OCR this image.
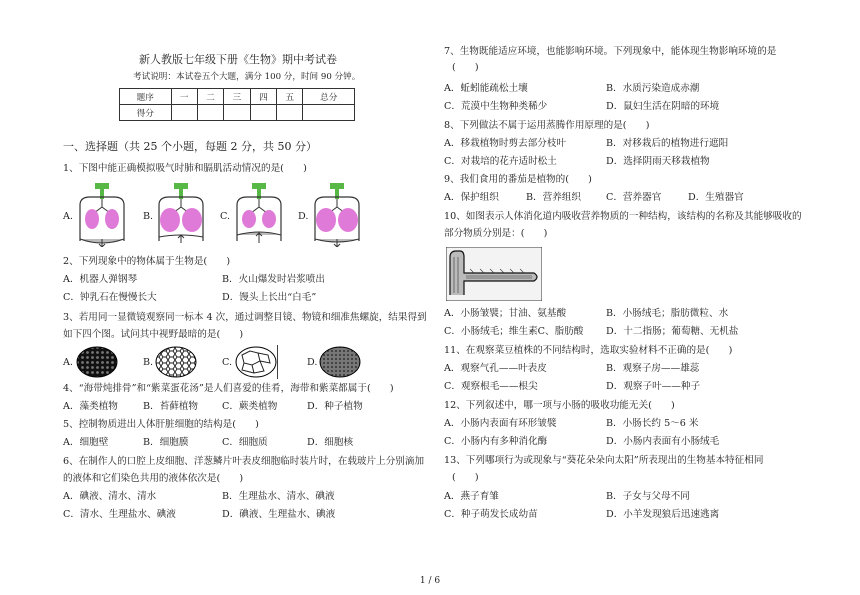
新人教版七年级下册《生物》期中考试卷
考试说明：本试卷五个大题，满分 100 分，时间 90 分钟。
题序	一	二	三	四	五	总分
得分						
一、选择题（共 25 个小题，每题 2 分，共 50 分）
1、下图中能正确模拟吸气时肺和膈肌活动情况的是(　　)
A.	B.	C.	D.
2、下列现象中的物体属于生物是(　　)
A．机器人弹钢琴	B．火山爆发时岩浆喷出
C．钟乳石在慢慢长大	D．馒头上长出“白毛”
3、若用同一显微镜观察同一标本 4 次，通过调整目镜、物镜和细准焦螺旋，结果得到
如下四个图。试问其中视野最暗的是(　　)
A.	B.	C.	D.
4、“海带炖排骨”和“紫菜蛋花汤”是人们喜爱的佳肴，海带和紫菜都属于(　　)
A．藻类植物	B．苔藓植物 C．蕨类植物	D．种子植物
5、控制物质进出人体肝脏细胞的结构是(　　)
A．细胞壁	B．细胞膜	C．细胞质	D．细胞核
6、在制作人的口腔上皮细胞、洋葱鳞片叶表皮细胞临时装片时，在载玻片上分别滴加
的液体和它们染色共用的液体依次是(　　)
A．碘液、清水、清水	B．生理盐水、清水、碘液
C．清水、生理盐水、碘液	D．碘液、生理盐水、碘液
7、生物既能适应环境，也能影响环境。下列现象中，能体现生物影响环境的是
(　　)
A．蚯蚓能疏松土壤	B．水质污染造成赤潮
C．荒漠中生物种类稀少	D．鼠妇生活在阴暗的环境
8、下列做法不属于运用蒸腾作用原理的是(　　)
A．移栽植物时剪去部分枝叶	B．对移栽后的植物进行遮阳
C．对栽培的花卉适时松土	D．选择阴雨天移栽植物
9、我们食用的番茄是植物的(　　)
A．保护组织	B．营养组织	C．营养器官	D．生殖器官
10、如图表示人体消化道内吸收营养物质的一种结构，该结构的名称及其能够吸收的
部分物质分别是：(　　)
A．小肠皱襞；甘油、氨基酸	B．小肠绒毛；脂肪微粒、水
C．小肠绒毛；维生素C、脂肪酸 D．十二指肠；葡萄糖、无机盐
11、在观察菜豆植株的不同结构时，选取实验材料不正确的是(　　)
A．观察气孔——叶表皮	B．观察子房——雄蕊
C．观察根毛——根尖	D．观察子叶——种子
12、下列叙述中，哪一项与小肠的吸收功能无关(　　)
A．小肠内表面有环形皱襞	B．小肠长约 5～6 米
C．小肠内有多种消化酶	D．小肠内表面有小肠绒毛
13、下列哪项行为或现象与“葵花朵朵向太阳”所表现出的生物基本特征相同
(　　)
A．燕子育雏	B．子女与父母不同
C．种子萌发长成幼苗	D．小羊发现狼后迅速逃离
1 / 6
